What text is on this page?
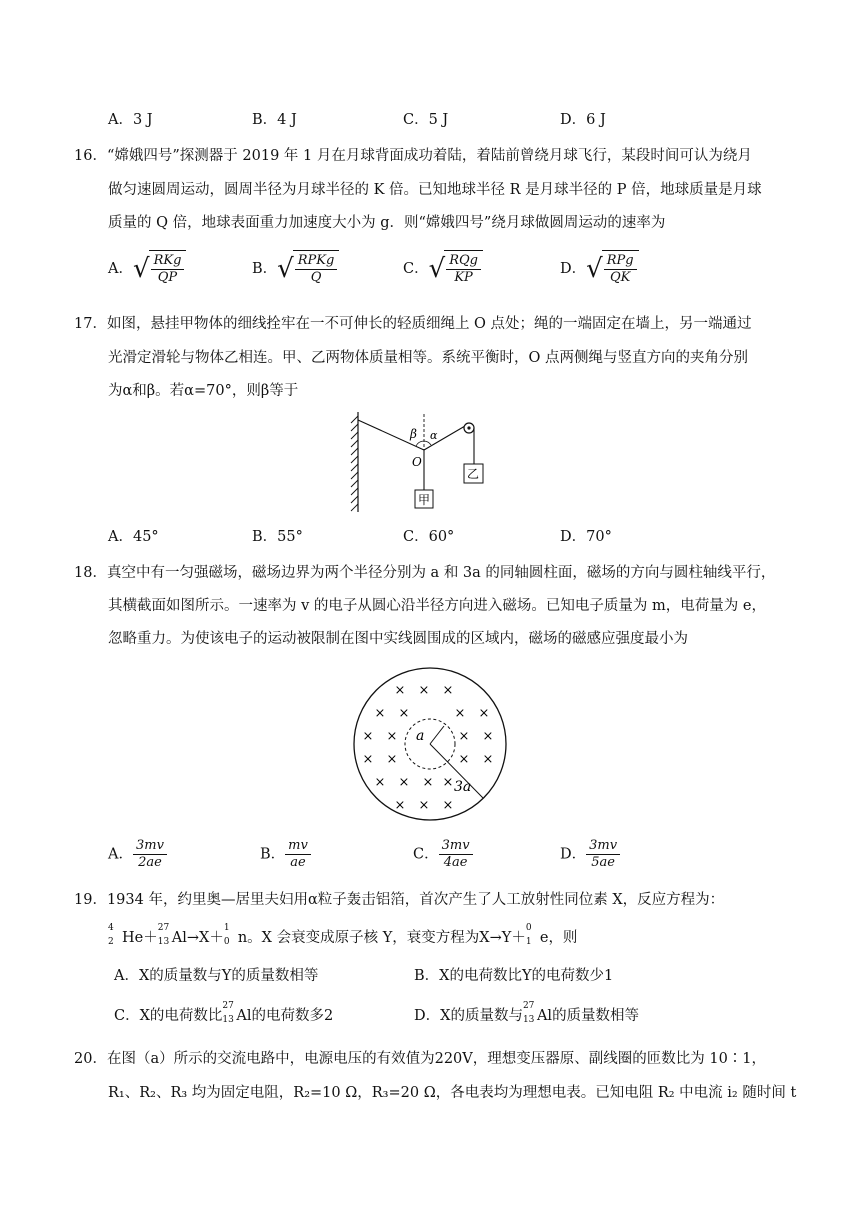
A．3 J	B．4 J	C．5 J	D．6 J
16．“嫦娥四号”探测器于 2019 年 1 月在月球背面成功着陆，着陆前曾绕月球飞行，某段时间可认为绕月
做匀速圆周运动，圆周半径为月球半径的 K 倍。已知地球半径 R 是月球半径的 P 倍，地球质量是月球
质量的 Q 倍，地球表面重力加速度大小为 g．则“嫦娥四号”绕月球做圆周运动的速率为
A． √ $\frac{\text{RKg}}{QP}$	B． √ $\frac{\text{RPKg}}{Q}$	C． √ $\frac{\text{RQg}}{KP}$	D． √ $\frac{\text{RPg}}{QK}$
17．如图，悬挂甲物体的细线拴牢在一不可伸长的轻质细绳上 O 点处；绳的一端固定在墙上，另一端通过
光滑定滑轮与物体乙相连。甲、乙两物体质量相等。系统平衡时，O 点两侧绳与竖直方向的夹角分别
为α和β。若α=70°，则β等于
β α
O
甲
乙
A．45°	B．55°	C．60°	D．70°
18．真空中有一匀强磁场，磁场边界为两个半径分别为 a 和 3a 的同轴圆柱面，磁场的方向与圆柱轴线平行，
其横截面如图所示。一速率为 v 的电子从圆心沿半径方向进入磁场。已知电子质量为 m，电荷量为 e，
忽略重力。为使该电子的运动被限制在图中实线圆围成的区域内，磁场的磁感应强度最小为
a
3a
× × ×
× ×	× ×
× ×	× ×
× ×	× ×
× × × ×
× × ×
A． $\frac{3mv}{2ae}$	B． $\frac{mv}{ae}$	C． $\frac{3mv}{4ae}$	D． $\frac{3mv}{5ae}$
19．1934 年，约里奥—居里夫妇用α粒子轰击铝箔，首次产生了人工放射性同位素 X，反应方程为：
4
2 He＋
27
13 Al→X＋
1
0 n。X 会衰变成原子核 Y，衰变方程为X→Y＋
0
1 e，则
A．X的质量数与Y的质量数相等	B．X的电荷数比Y的电荷数少1
C．X的电荷数比
27
13 Al的电荷数多2	D．X的质量数与
27
13 Al的质量数相等
20．在图（a）所示的交流电路中，电源电压的有效值为220V，理想变压器原、副线圈的匝数比为 10∶1，
R₁、R₂、R₃ 均为固定电阻，R₂=10 Ω，R₃=20 Ω，各电表均为理想电表。已知电阻 R₂ 中电流 i₂ 随时间 t
